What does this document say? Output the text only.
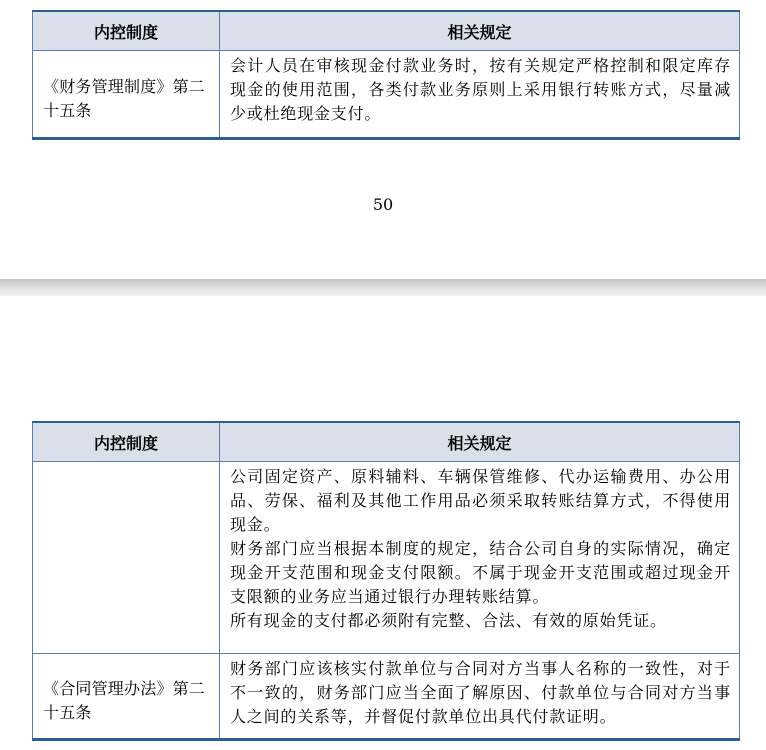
内控制度	相关规定
《财务管理制度》第二十五条	会计人员在审核现金付款业务时，按有关规定严格控制和限定库存现金的使用范围，各类付款业务原则上采用银行转账方式，尽量减少或杜绝现金支付。
50
内控制度	相关规定

	公司固定资产、原料辅料、车辆保管维修、代办运输费用、办公用品、劳保、福利及其他工作用品必须采取转账结算方式，不得使用现金。
财务部门应当根据本制度的规定，结合公司自身的实际情况，确定现金开支范围和现金支付限额。不属于现金开支范围或超过现金开支限额的业务应当通过银行办理转账结算。
所有现金的支付都必须附有完整、合法、有效的原始凭证。

《合同管理办法》第二十五条	财务部门应该核实付款单位与合同对方当事人名称的一致性，对于不一致的，财务部门应当全面了解原因、付款单位与合同对方当事人之间的关系等，并督促付款单位出具代付款证明。
